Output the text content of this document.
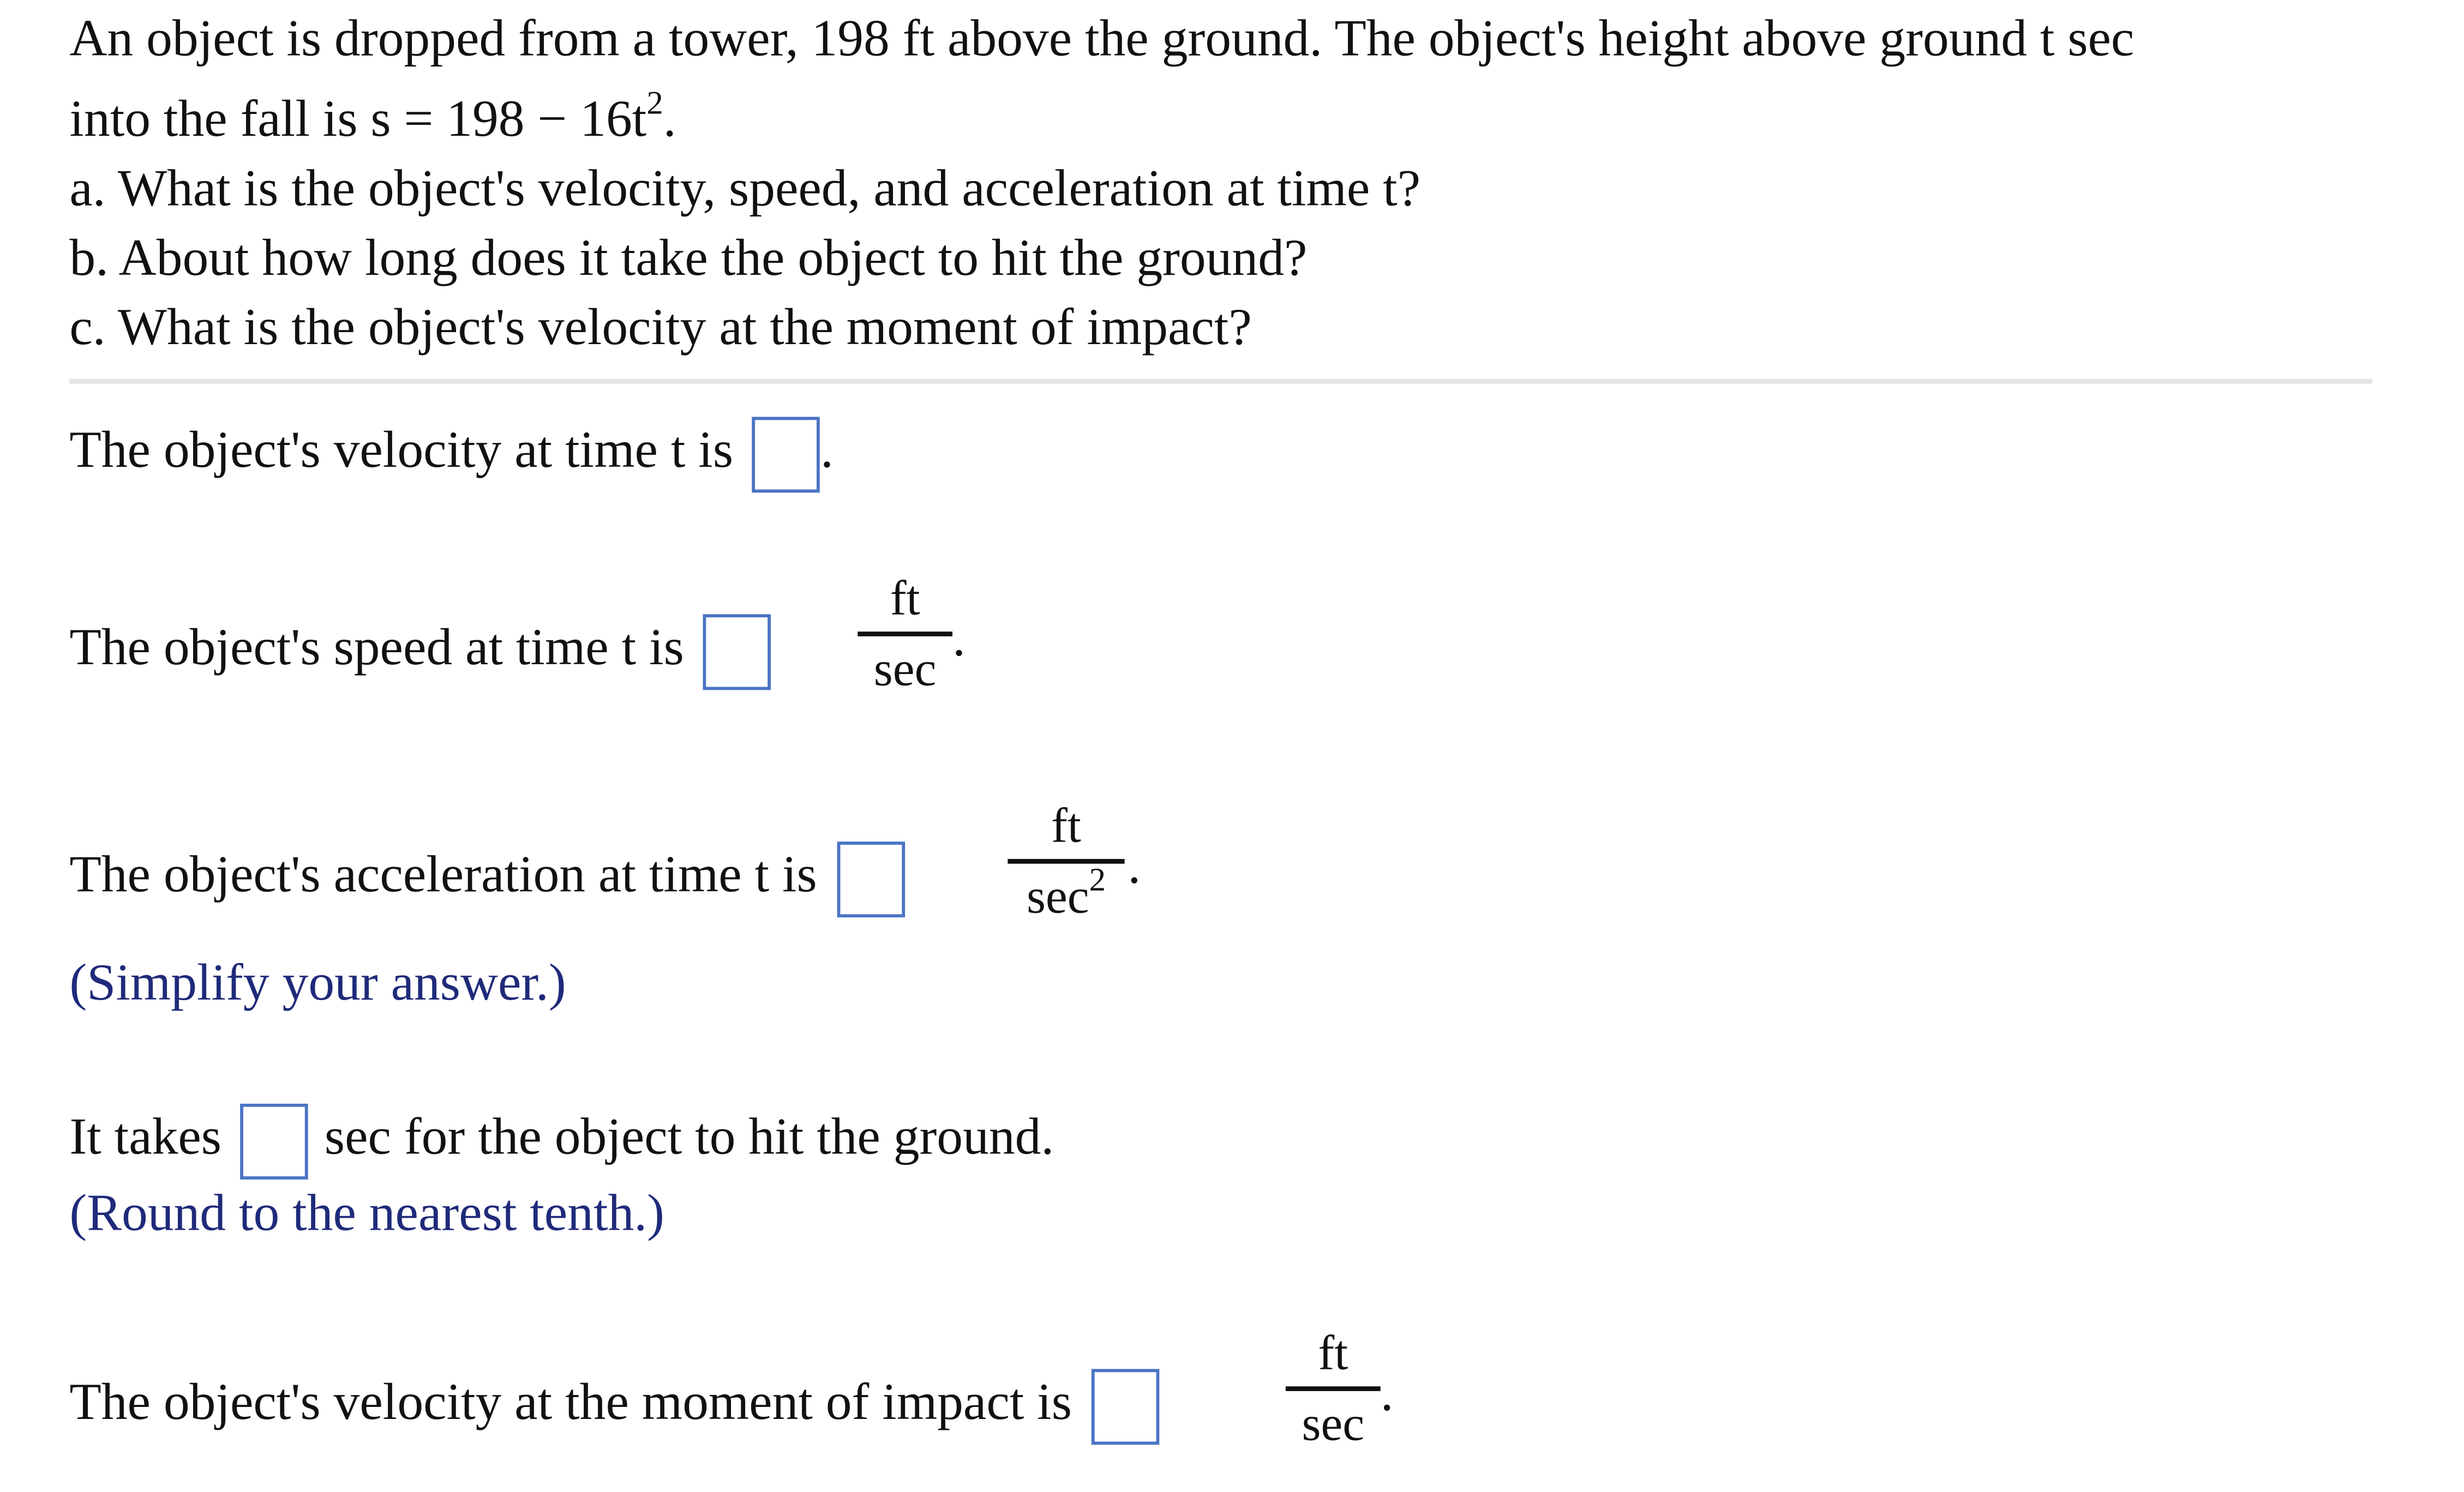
An object is dropped from a tower, 198 ft above the ground. The object's height above ground t sec
into the fall is $s = 198 - 16t^2$.
a. What is the object's velocity, speed, and acceleration at time t?
b. About how long does it take the object to hit the ground?
c. What is the object's velocity at the moment of impact?
The object's velocity at time t is	.
The object's speed at time t is
ft
sec
.
The object's acceleration at time t is
ft
$\sec^2$	.
(Simplify your answer.)
It takes	sec for the object to hit the ground.
(Round to the nearest tenth.)
The object's velocity at the moment of impact is
ft
sec
.
